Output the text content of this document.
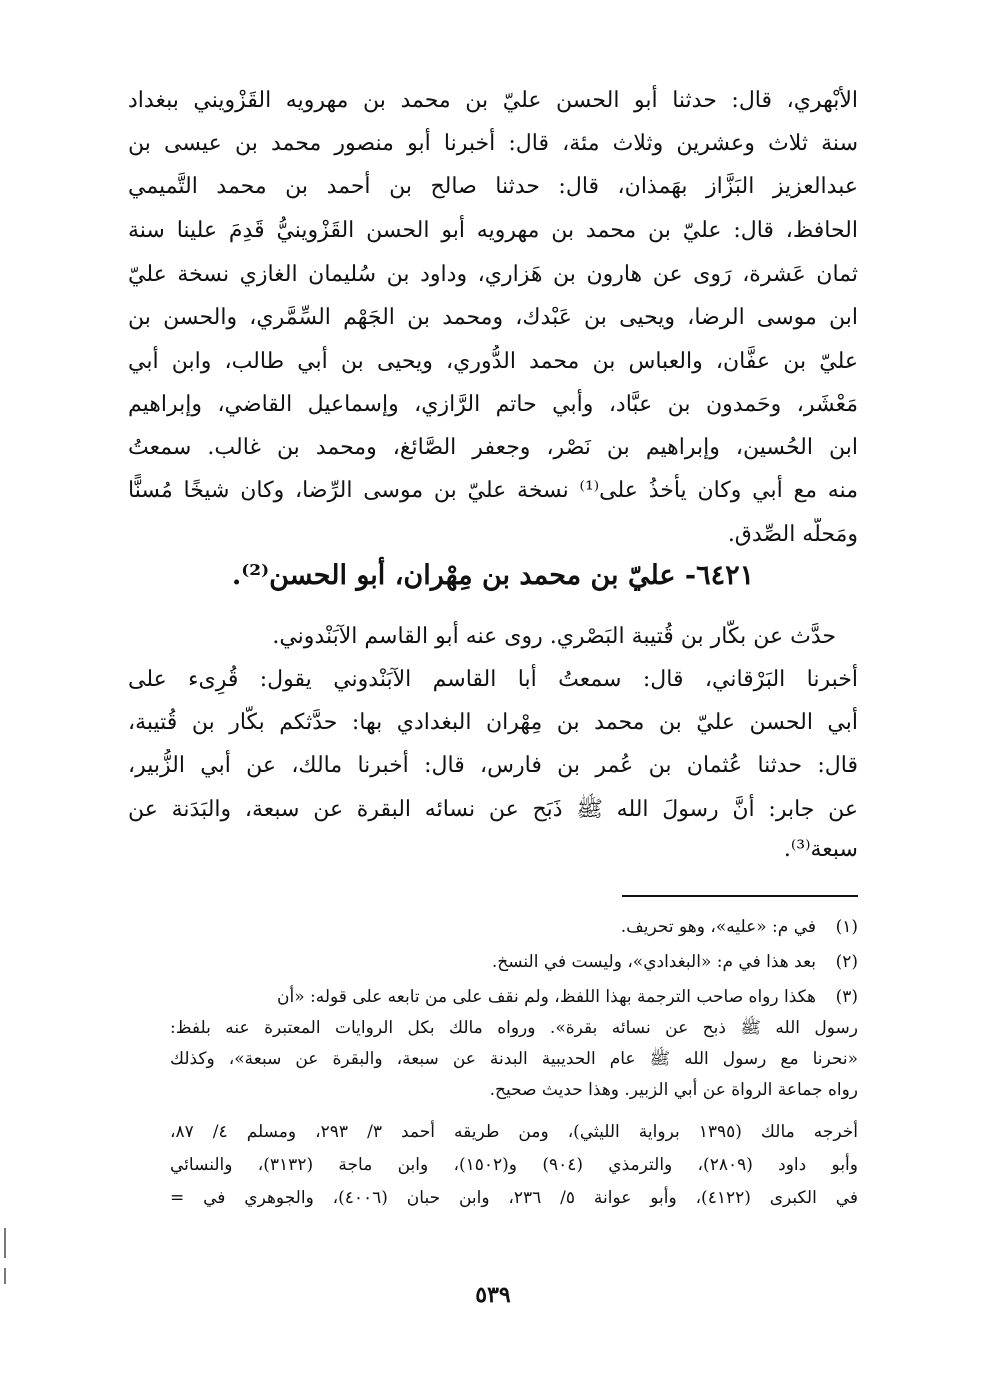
الأبْهري، قال: حدثنا أبو الحسن عليّ بن محمد بن مهرويه القَزْويني ببغداد
سنة ثلاث وعشرين وثلاث مئة، قال: أخبرنا أبو منصور محمد بن عيسى بن
عبدالعزيز البَزَّاز بهَمذان، قال: حدثنا صالح بن أحمد بن محمد التَّميمي
الحافظ، قال: عليّ بن محمد بن مهرويه أبو الحسن القَزْوينيُّ قَدِمَ علينا سنة
ثمان عَشرة، رَوى عن هارون بن هَزاري، وداود بن سُليمان الغازي نسخة عليّ
ابن موسى الرضا، ويحيى بن عَبْدك، ومحمد بن الجَهْم السِّمَّري، والحسن بن
عليّ بن عفَّان، والعباس بن محمد الدُّوري، ويحيى بن أبي طالب، وابن أبي
مَعْشَر، وحَمدون بن عبَّاد، وأبي حاتم الرَّازي، وإسماعيل القاضي، وإبراهيم
ابن الحُسين، وإبراهيم بن نَصْر، وجعفر الصَّائغ، ومحمد بن غالب. سمعتُ
منه مع أبي وكان يأخذُ على⁽¹⁾ نسخة عليّ بن موسى الرِّضا، وكان شيخًا مُسنًّا
ومَحلُّه الصِّدق.
٦٤٢١- عليّ بن محمد بن مِهْران، أبو الحسن⁽²⁾.
حدَّث عن بكَّار بن قُتيبة البَصْري. روى عنه أبو القاسم الآبَنْدوني.
أخبرنا البَرْقاني، قال: سمعتُ أبا القاسم الآبَنْدوني يقول: قُرِىء على
أبي الحسن عليّ بن محمد بن مِهْران البغدادي بها: حدَّثكم بكَّار بن قُتيبة،
قال: حدثنا عُثمان بن عُمر بن فارس، قال: أخبرنا مالك، عن أبي الزُّبير،
عن جابر: أنَّ رسولَ الله ﷺ ذَبَح عن نسائه البقرة عن سبعة، والبَدَنة عن
سبعة⁽³⁾.
(١)في م: «عليه»، وهو تحريف.
(٢)بعد هذا في م: «البغدادي»، وليست في النسخ.
(٣)هكذا رواه صاحب الترجمة بهذا اللفظ، ولم نقف على من تابعه على قوله: «أن
رسول الله ﷺ ذبح عن نسائه بقرة». ورواه مالك بكل الروايات المعتبرة عنه بلفظ:
«نحرنا مع رسول الله ﷺ عام الحديبية البدنة عن سبعة، والبقرة عن سبعة»، وكذلك
رواه جماعة الرواة عن أبي الزبير. وهذا حديث صحيح.
أخرجه مالك (١٣٩٥ برواية الليثي)، ومن طريقه أحمد ٣/ ٢٩٣، ومسلم ٤/ ٨٧،
وأبو داود (٢٨٠٩)، والترمذي (٩٠٤) و(١٥٠٢)، وابن ماجة (٣١٣٢)، والنسائي
في الكبرى (٤١٢٢)، وأبو عوانة ٥/ ٢٣٦، وابن حبان (٤٠٠٦)، والجوهري في =
٥٣٩
